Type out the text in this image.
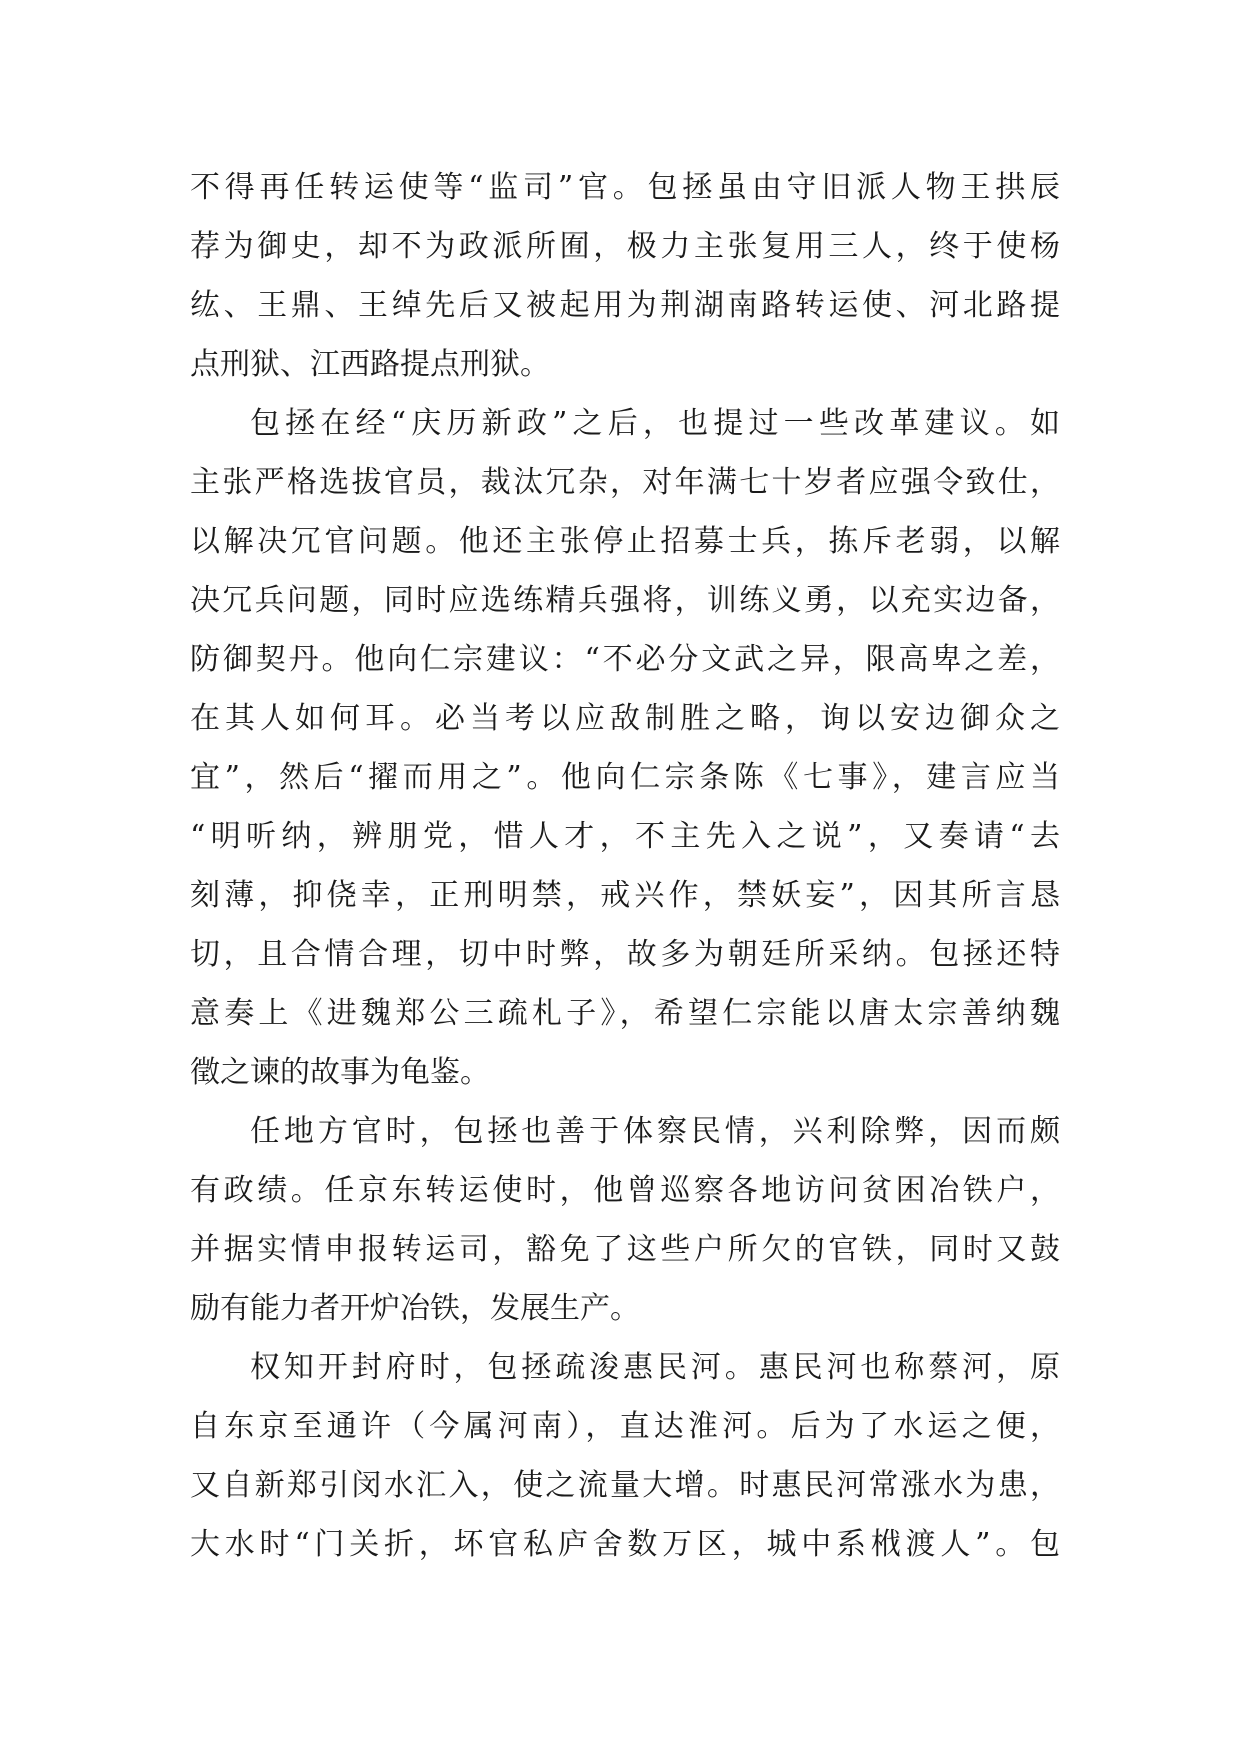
不得再任转运使等“监司”官。包拯虽由守旧派人物王拱辰
荐为御史，却不为政派所囿，极力主张复用三人，终于使杨
纮、王鼎、王绰先后又被起用为荆湖南路转运使、河北路提
点刑狱、江西路提点刑狱。
包拯在经“庆历新政”之后，也提过一些改革建议。如
主张严格选拔官员，裁汰冗杂，对年满七十岁者应强令致仕，
以解决冗官问题。他还主张停止招募士兵，拣斥老弱，以解
决冗兵问题，同时应选练精兵强将，训练义勇，以充实边备，
防御契丹。他向仁宗建议：“不必分文武之异，限高卑之差，
在其人如何耳。必当考以应敌制胜之略，询以安边御众之
宜”，然后“擢而用之”。他向仁宗条陈《七事》，建言应当
“明听纳，辨朋党，惜人才，不主先入之说”，又奏请“去
刻薄，抑侥幸，正刑明禁，戒兴作，禁妖妄”，因其所言恳
切，且合情合理，切中时弊，故多为朝廷所采纳。包拯还特
意奏上《进魏郑公三疏札子》，希望仁宗能以唐太宗善纳魏
徵之谏的故事为龟鉴。
任地方官时，包拯也善于体察民情，兴利除弊，因而颇
有政绩。任京东转运使时，他曾巡察各地访问贫困冶铁户，
并据实情申报转运司，豁免了这些户所欠的官铁，同时又鼓
励有能力者开炉冶铁，发展生产。
权知开封府时，包拯疏浚惠民河。惠民河也称蔡河，原
自东京至通许（今属河南），直达淮河。后为了水运之便，
又自新郑引闵水汇入，使之流量大增。时惠民河常涨水为患，
大水时“门关折，坏官私庐舍数万区，城中系栰渡人”。包
